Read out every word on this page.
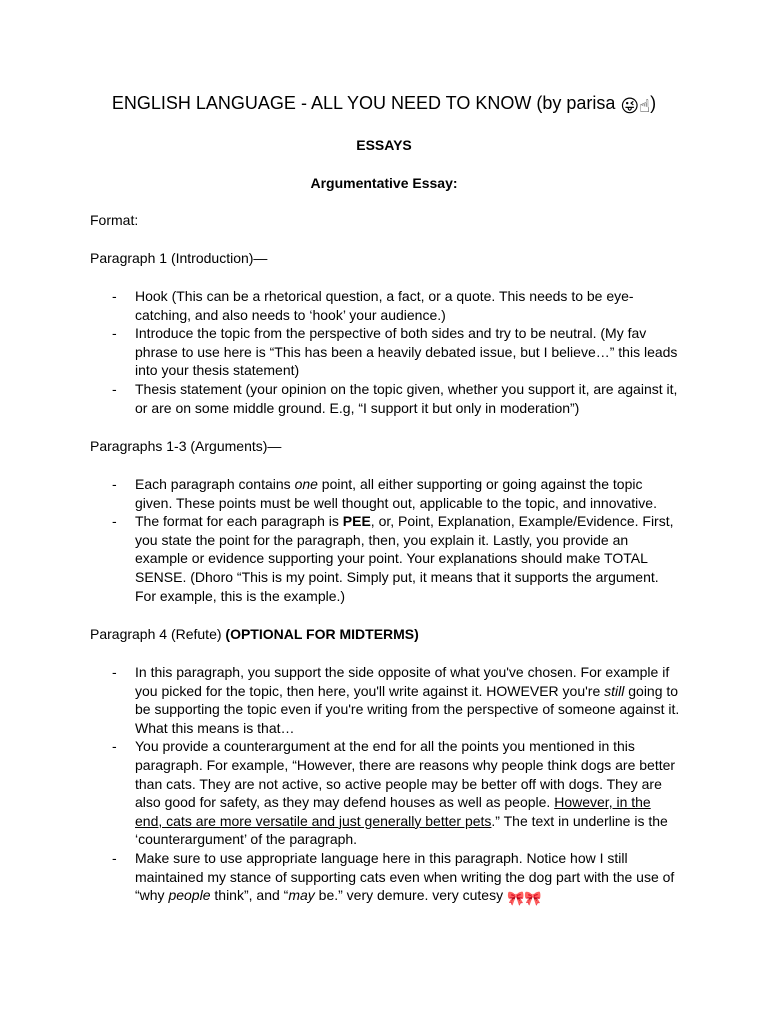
ENGLISH LANGUAGE - ALL YOU NEED TO KNOW (by parisa 😜☝)
ESSAYS
Argumentative Essay:
Format:
Paragraph 1 (Introduction)—
- Hook (This can be a rhetorical question, a fact, or a quote. This needs to be eye-catching, and also needs to ‘hook’ your audience.)
- Introduce the topic from the perspective of both sides and try to be neutral. (My fav phrase to use here is “This has been a heavily debated issue, but I believe…” this leads into your thesis statement)
- Thesis statement (your opinion on the topic given, whether you support it, are against it, or are on some middle ground. E.g, “I support it but only in moderation”)
Paragraphs 1-3 (Arguments)—
- Each paragraph contains one point, all either supporting or going against the topic given. These points must be well thought out, applicable to the topic, and innovative.
- The format for each paragraph is PEE, or, Point, Explanation, Example/Evidence. First, you state the point for the paragraph, then, you explain it. Lastly, you provide an example or evidence supporting your point. Your explanations should make TOTAL SENSE. (Dhoro “This is my point. Simply put, it means that it supports the argument. For example, this is the example.)
Paragraph 4 (Refute) (OPTIONAL FOR MIDTERMS)
- In this paragraph, you support the side opposite of what you've chosen. For example if you picked for the topic, then here, you'll write against it. HOWEVER you're still going to be supporting the topic even if you're writing from the perspective of someone against it. What this means is that…
- You provide a counterargument at the end for all the points you mentioned in this paragraph. For example, “However, there are reasons why people think dogs are better than cats. They are not active, so active people may be better off with dogs. They are also good for safety, as they may defend houses as well as people. However, in the end, cats are more versatile and just generally better pets.” The text in underline is the ‘counterargument’ of the paragraph.
- Make sure to use appropriate language here in this paragraph. Notice how I still maintained my stance of supporting cats even when writing the dog part with the use of “why people think”, and “may be.” very demure. very cutesy 🎀🎀
